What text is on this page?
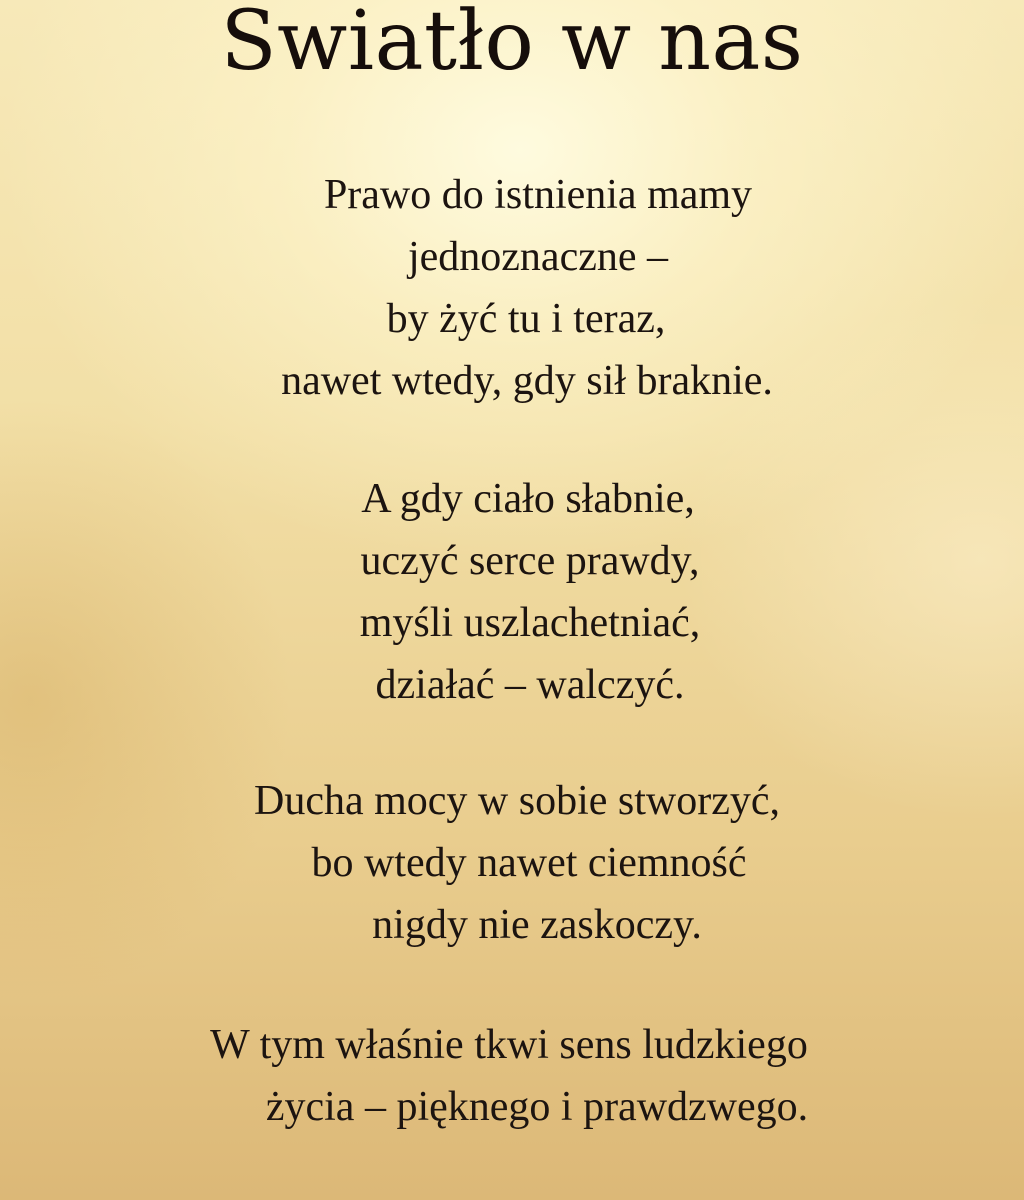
Swiatło w nas
Prawo do istnienia mamy
jednoznaczne –
by żyć tu i teraz,
nawet wtedy, gdy sił braknie.
A gdy ciało słabnie,
uczyć serce prawdy,
myśli uszlachetniać,
działać – walczyć.
Ducha mocy w sobie stworzyć,
bo wtedy nawet ciemność
nigdy nie zaskoczy.
W tym właśnie tkwi sens ludzkiego
życia – pięknego i prawdzwego.
